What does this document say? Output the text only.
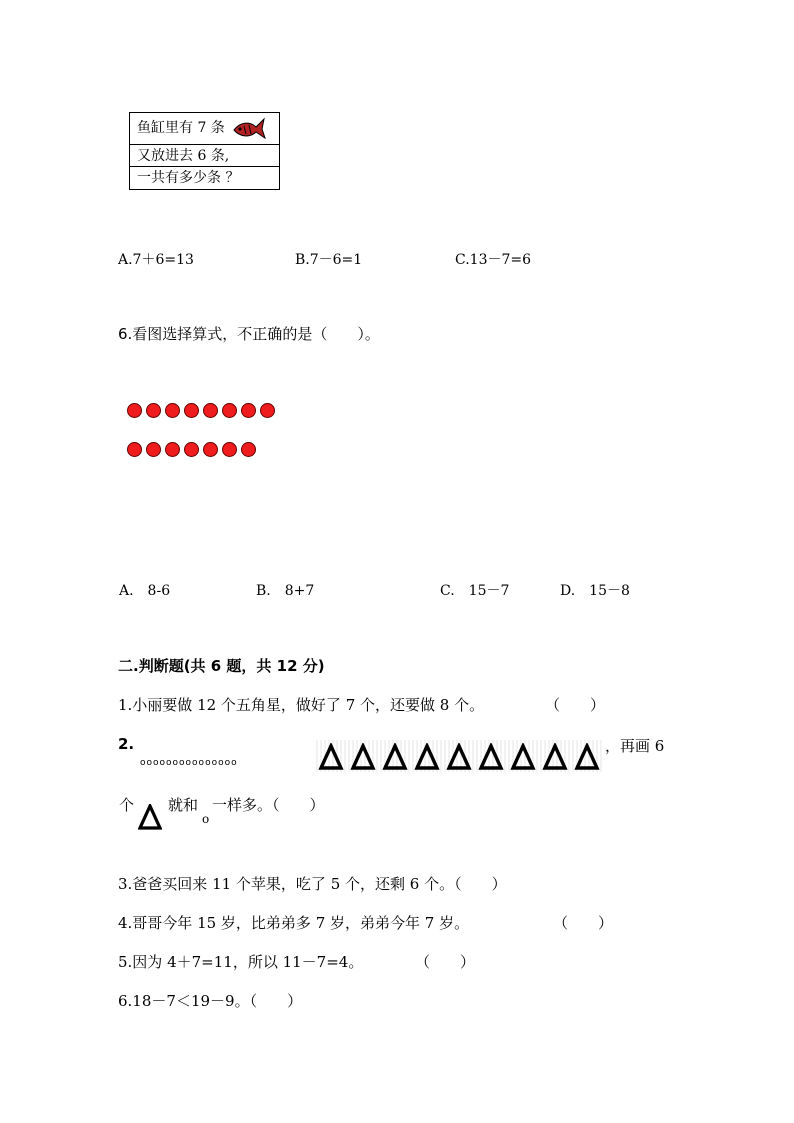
鱼缸里有 7 条
又放进去 6 条,
一共有多少条 ？
A.7＋6=13	B.7－6=1	C.13－7=6
6.看图选择算式，不正确的是（　　）。
A.　8-6	B.　8+7	C.　15－7	D.　15－8
二.判断题(共 6 题，共 12 分)
1.小丽要做 12 个五角星，做好了 7 个，还要做 8 个。	（　　）
2.
ooooooooooooooo
，再画 6
个 就和 一样多。（　　）
o
3.爸爸买回来 11 个苹果，吃了 5 个，还剩 6 个。（　　）
4.哥哥今年 15 岁，比弟弟多 7 岁，弟弟今年 7 岁。	（　　）
5.因为 4＋7=11，所以 11－7=4。	（　　）
6.18－7＜19－9。（　　）
